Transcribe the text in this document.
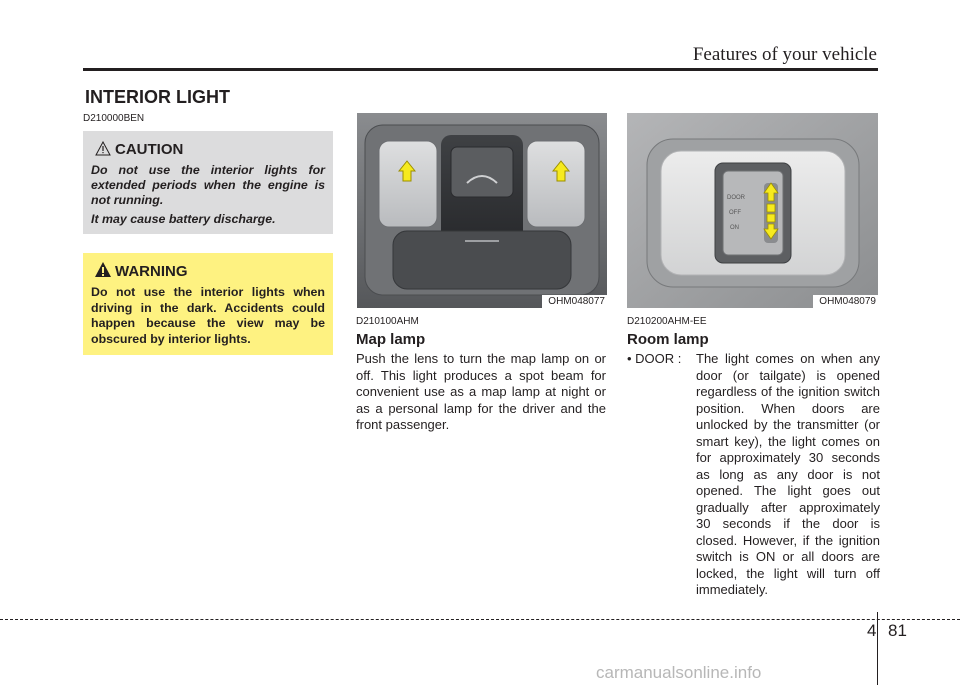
Features of your vehicle
INTERIOR LIGHT
D210000BEN
CAUTION

Do not use the interior lights for extended periods when the engine is not running.

It may cause battery discharge.

WARNING
Do not use the interior lights when driving in the dark. Accidents could happen because the view may be obscured by interior lights.
OHM048077
DOOR
OFF
ON
OHM048079
D210100AHM
Map lamp
Push the lens to turn the map lamp on or off. This light produces a spot beam for convenient use as a map lamp at night or as a personal lamp for the driver and the front passenger.
D210200AHM-EE
Room lamp
• DOOR : The light comes on when any door (or tailgate) is opened regardless of the ignition switch position. When doors are unlocked by the transmitter (or smart key), the light comes on for approximately 30 seconds as long as any door is not opened. The light goes out gradually after approximately 30 seconds if the door is closed. However, if the ignition switch is ON or all doors are locked, the light will turn off immediately.
4 81
carmanualsonline.info
